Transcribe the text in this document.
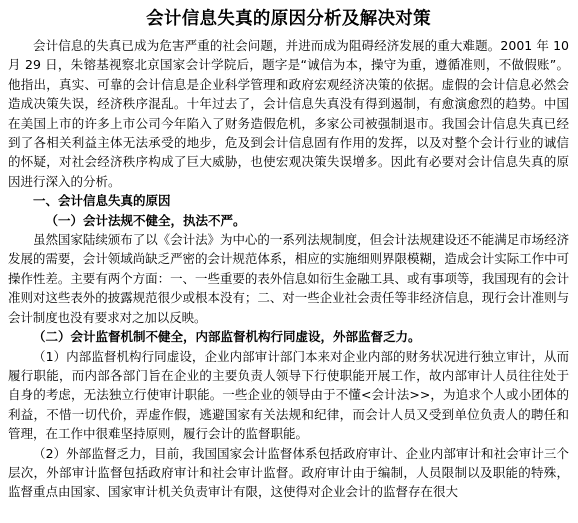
会计信息失真的原因分析及解决对策

会计信息的失真已成为危害严重的社会问题，并进而成为阻碍经济发展的重大难题。2001 年 10 月 29 日，朱镕基视察北京国家会计学院后，题字是“诚信为本，操守为重，遵循准则，不做假账”。他指出，真实、可靠的会计信息是企业科学管理和政府宏观经济决策的依据。虚假的会计信息必然会造成决策失误，经济秩序混乱。十年过去了，会计信息失真没有得到遏制，有愈演愈烈的趋势。中国在美国上市的许多上市公司今年陷入了财务造假危机，多家公司被强制退市。我国会计信息失真已经到了各相关利益主体无法承受的地步，危及到会计信息固有作用的发挥，以及对整个会计行业的诚信的怀疑，对社会经济秩序构成了巨大威胁，也使宏观决策失误增多。因此有必要对会计信息失真的原因进行深入的分析。

一、会计信息失真的原因

（一）会计法规不健全，执法不严。

虽然国家陆续颁布了以《会计法》为中心的一系列法规制度，但会计法规建设还不能满足市场经济发展的需要，会计领域尚缺乏严密的会计规范体系，相应的实施细则界限模糊，造成会计实际工作中可操作性差。主要有两个方面：一、一些重要的表外信息如衍生金融工具、或有事项等，我国现有的会计准则对这些表外的披露规范很少或根本没有；二、对一些企业社会责任等非经济信息，现行会计准则与会计制度也没有要求对之加以反映。

（二）会计监督机制不健全，内部监督机构行同虚设，外部监督乏力。

（1）内部监督机构行同虚设，企业内部审计部门本来对企业内部的财务状况进行独立审计，从而履行职能，而内部各部门旨在企业的主要负责人领导下行使职能开展工作，故内部审计人员往往处于自身的考虑，无法独立行使审计职能。一些企业的领导由于不懂<会计法>>，为追求个人或小团体的利益，不惜一切代价，弄虚作假，逃避国家有关法规和纪律，而会计人员又受到单位负责人的聘任和管理，在工作中很难坚持原则，履行会计的监督职能。

（2）外部监督乏力，目前，我国国家会计监督体系包括政府审计、企业内部审计和社会审计三个层次，外部审计监督包括政府审计和社会审计监督。政府审计由于编制，人员限制以及职能的特殊，监督重点由国家、国家审计机关负责审计有限，这使得对企业会计的监督存在很大
